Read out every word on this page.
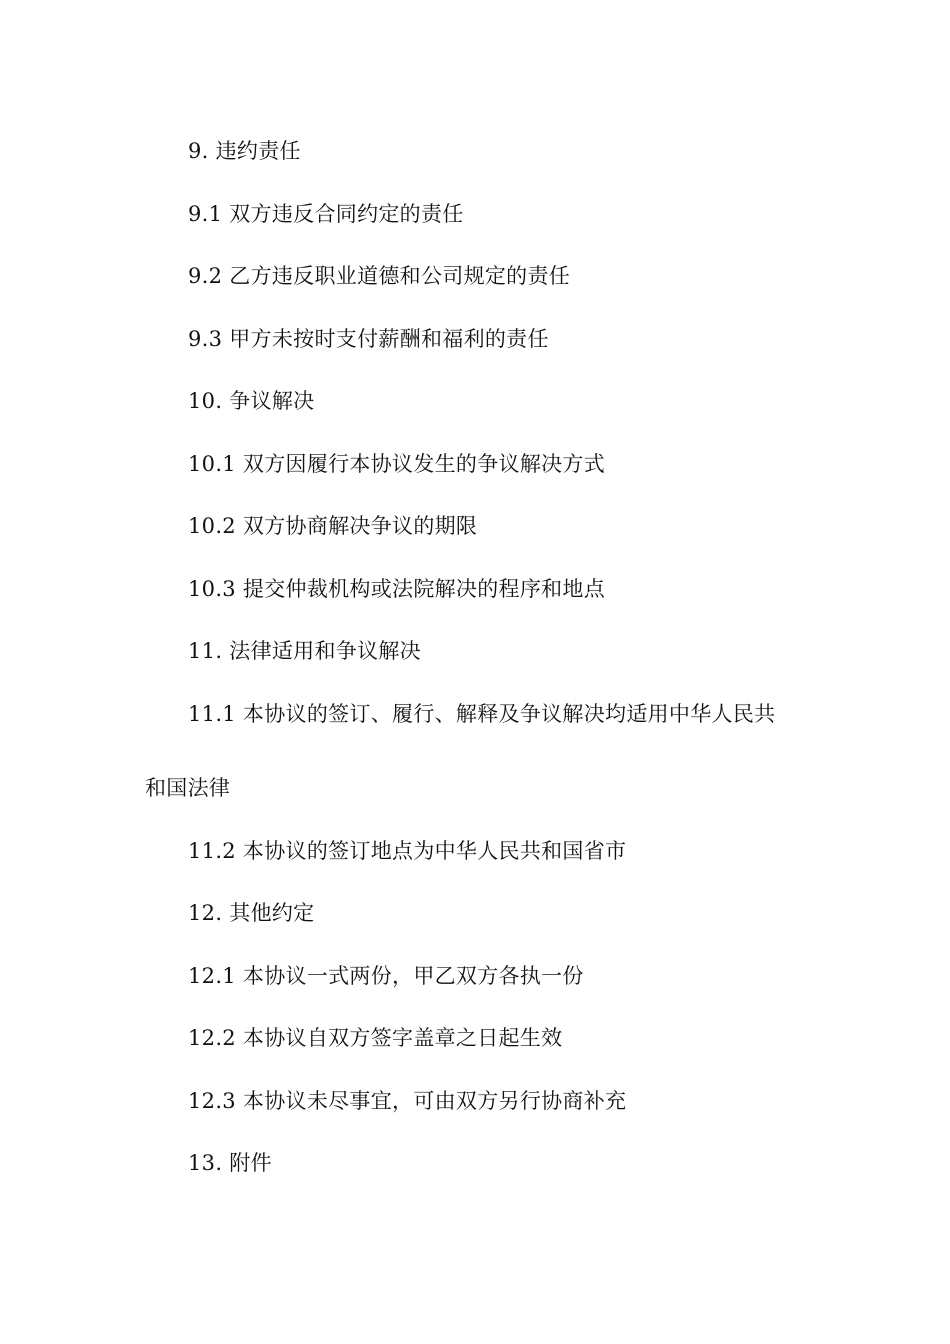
9. 违约责任
9.1 双方违反合同约定的责任
9.2 乙方违反职业道德和公司规定的责任
9.3 甲方未按时支付薪酬和福利的责任
10. 争议解决
10.1 双方因履行本协议发生的争议解决方式
10.2 双方协商解决争议的期限
10.3 提交仲裁机构或法院解决的程序和地点
11. 法律适用和争议解决
11.1 本协议的签订、履行、解释及争议解决均适用中华人民共
和国法律
11.2 本协议的签订地点为中华人民共和国省市
12. 其他约定
12.1 本协议一式两份，甲乙双方各执一份
12.2 本协议自双方签字盖章之日起生效
12.3 本协议未尽事宜，可由双方另行协商补充
13. 附件
